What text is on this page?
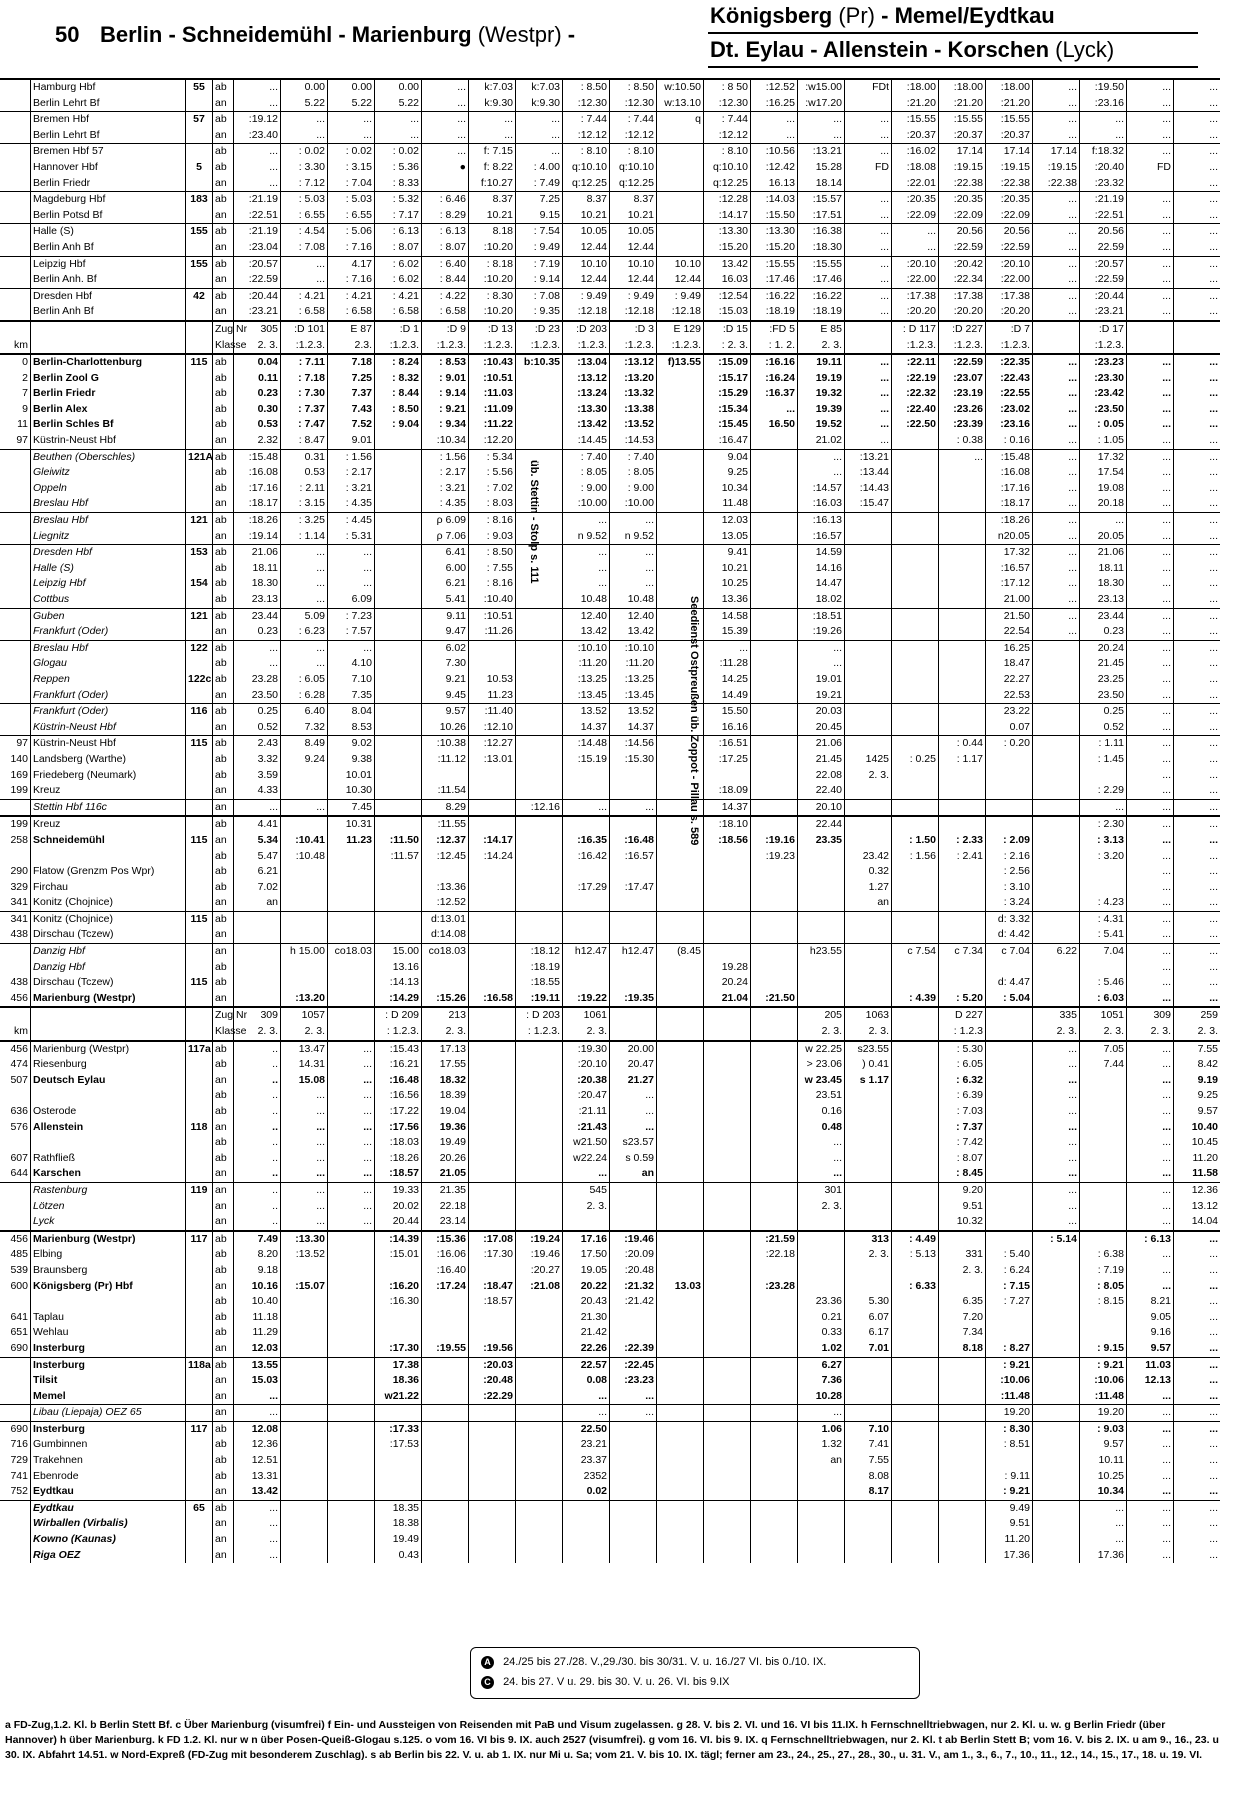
50 Berlin - Schneidemühl - Marienburg (Westpr) -
Königsberg (Pr) - Memel/Eydtkau
Dt. Eylau - Allenstein - Korschen (Lyck)
	Hamburg Hbf	55	ab	...	0.00	0.00	0.00	...	k:7.03	k:7.03	: 8.50	: 8.50	w:10.50	: 8 50	:12.52	:w15.00	FDt	:18.00	:18.00	:18.00	...	:19.50	...	...
	Berlin Lehrt Bf		an	...	5.22	5.22	5.22	...	k:9.30	k:9.30	:12.30	:12.30	w:13.10	:12.30	:16.25	:w17.20		:21.20	:21.20	:21.20	...	:23.16	...	...
	Bremen Hbf	57	ab	:19.12	...	...	...	...	...	...	: 7.44	: 7.44	q	: 7.44	...	...	...	:15.55	:15.55	:15.55	...	...	...	...
	Berlin Lehrt Bf		an	:23.40	...	...	...	...	...	...	:12.12	:12.12		:12.12	...	...	...	:20.37	:20.37	:20.37	...	...	...	...
	Bremen Hbf 57		ab	...	: 0.02	: 0.02	: 0.02	...	f: 7.15	...	: 8.10	: 8.10		: 8.10	:10.56	:13.21	...	:16.02	17.14	17.14	17.14	f:18.32	...	...
	Hannover Hbf	5	ab	...	: 3.30	: 3.15	: 5.36	●	f: 8.22	: 4.00	q:10.10	q:10.10		q:10.10	:12.42	15.28	FD	:18.08	:19.15	:19.15	:19.15	:20.40	FD	...
	Berlin Friedr		an	...	: 7.12	: 7.04	: 8.33		f:10.27	: 7.49	q:12.25	q:12.25		q:12.25	16.13	18.14		:22.01	:22.38	:22.38	:22.38	:23.32		...
	Magdeburg Hbf	183	ab	:21.19	: 5.03	: 5.03	: 5.32	: 6.46	8.37	7.25	8.37	8.37		:12.28	:14.03	:15.57	...	:20.35	:20.35	:20.35	...	:21.19	...	...
	Berlin Potsd Bf		an	:22.51	: 6.55	: 6.55	: 7.17	: 8.29	10.21	9.15	10.21	10.21		:14.17	:15.50	:17.51	...	:22.09	:22.09	:22.09	...	:22.51	...	...
	Halle (S)	155	ab	:21.19	: 4.54	: 5.06	: 6.13	: 6.13	8.18	: 7.54	10.05	10.05		:13.30	:13.30	:16.38	...	...	20.56	20.56	...	20.56	...	...
	Berlin Anh Bf		an	:23.04	: 7.08	: 7.16	: 8.07	: 8.07	:10.20	: 9.49	12.44	12.44		:15.20	:15.20	:18.30	...	...	:22.59	:22.59	...	22.59	...	...
	Leipzig Hbf	155	ab	:20.57	...	4.17	: 6.02	: 6.40	: 8.18	: 7.19	10.10	10.10	10.10	13.42	:15.55	:15.55	...	:20.10	:20.42	:20.10	...	:20.57	...	...
	Berlin Anh. Bf		an	:22.59	...	: 7.16	: 6.02	: 8.44	:10.20	: 9.14	12.44	12.44	12.44	16.03	:17.46	:17.46	...	:22.00	:22.34	:22.00	...	:22.59	...	...
	Dresden Hbf	42	ab	:20.44	: 4.21	: 4.21	: 4.21	: 4.22	: 8.30	: 7.08	: 9.49	: 9.49	: 9.49	:12.54	:16.22	:16.22	...	:17.38	:17.38	:17.38	...	:20.44	...	...
	Berlin Anh Bf		an	:23.21	: 6.58	: 6.58	: 6.58	: 6.58	:10.20	: 9.35	:12.18	:12.18	:12.18	:15.03	:18.19	:18.19	...	:20.20	:20.20	:20.20	...	:23.21	...	...
			Zug Nr	305	:D 101	E 87	:D 1	:D 9	:D 13	:D 23	:D 203	:D 3	E 129	:D 15	:FD 5	E 85		: D 117	:D 227	:D 7		:D 17		
km			Klasse	2. 3.	:1.2.3.	2.3.	:1.2.3.	:1.2.3.	:1.2.3.	:1.2.3.	:1.2.3.	:1.2.3.	:1.2.3.	: 2. 3.	: 1. 2.	2. 3.		:1.2.3.	:1.2.3.	:1.2.3.		:1.2.3.		
0	Berlin-Charlottenburg	115	ab	0.04	: 7.11	7.18	: 8.24	: 8.53	:10.43	b:10.35	:13.04	:13.12	f)13.55	:15.09	:16.16	19.11	...	:22.11	:22.59	:22.35	...	:23.23	...	...
2	Berlin Zool G		ab	0.11	: 7.18	7.25	: 8.32	: 9.01	:10.51		:13.12	:13.20		:15.17	:16.24	19.19	...	:22.19	:23.07	:22.43	...	:23.30	...	...
7	Berlin Friedr		ab	0.23	: 7.30	7.37	: 8.44	: 9.14	:11.03		:13.24	:13.32		:15.29	:16.37	19.32	...	:22.32	:23.19	:22.55	...	:23.42	...	...
9	Berlin Alex		ab	0.30	: 7.37	7.43	: 8.50	: 9.21	:11.09		:13.30	:13.38		:15.34	...	19.39	...	:22.40	:23.26	:23.02	...	:23.50	...	...
11	Berlin Schles Bf		ab	0.53	: 7.47	7.52	: 9.04	: 9.34	:11.22		:13.42	:13.52		:15.45	16.50	19.52	...	:22.50	:23.39	:23.16	...	: 0.05	...	...
97	Küstrin-Neust Hbf		an	2.32	: 8.47	9.01		:10.34	:12.20		:14.45	:14.53		:16.47		21.02	...		: 0.38	: 0.16	...	: 1.05	...	...
	Beuthen (Oberschles)	121A	ab	:15.48	0.31	: 1.56		: 1.56	: 5.34		: 7.40	: 7.40		9.04		...	:13.21		...	:15.48	...	17.32	...	...
	Gleiwitz		ab	:16.08	0.53	: 2.17		: 2.17	: 5.56		: 8.05	: 8.05		9.25		...	:13.44			:16.08	...	17.54	...	...
	Oppeln		ab	:17.16	: 2.11	: 3.21		: 3.21	: 7.02		: 9.00	: 9.00		10.34		:14.57	:14.43			:17.16	...	19.08	...	...
	Breslau Hbf		an	:18.17	: 3.15	: 4.35		: 4.35	: 8.03		:10.00	:10.00		11.48		:16.03	:15.47			:18.17	...	20.18	...	...
	Breslau Hbf	121	ab	:18.26	: 3.25	: 4.45		ρ 6.09	: 8.16		...	...		12.03		:16.13				:18.26	...	...	...	...
	Liegnitz		an	:19.14	: 1.14	: 5.31		ρ 7.06	: 9.03		n 9.52	n 9.52		13.05		:16.57				n20.05	...	20.05	...	...
	Dresden Hbf	153	ab	21.06	...	...		6.41	: 8.50		...	...		9.41		14.59				17.32	...	21.06	...	...
	Halle (S)		ab	18.11	...	...		6.00	: 7.55		...	...		10.21		14.16				:16.57	...	18.11	...	...
	Leipzig Hbf	154	ab	18.30	...	...		6.21	: 8.16		...	...		10.25		14.47				:17.12	...	18.30	...	...
	Cottbus		ab	23.13	...	6.09		5.41	:10.40		10.48	10.48		13.36		18.02				21.00	...	23.13	...	...
	Guben	121	ab	23.44	5.09	: 7.23		9.11	:10.51		12.40	12.40		14.58		:18.51				21.50	...	23.44	...	...
	Frankfurt (Oder)		an	0.23	: 6.23	: 7.57		9.47	:11.26		13.42	13.42		15.39		:19.26				22.54	...	0.23	...	...
	Breslau Hbf	122	ab	...	...	...		6.02			:10.10	:10.10		...		...				16.25		20.24	...	...
	Glogau		ab	...	...	4.10		7.30			:11.20	:11.20		:11.28		...				18.47		21.45	...	...
	Reppen	122c	ab	23.28	: 6.05	7.10		9.21	10.53		:13.25	:13.25		14.25		19.01				22.27		23.25	...	...
	Frankfurt (Oder)		an	23.50	: 6.28	7.35		9.45	11.23		:13.45	:13.45		14.49		19.21				22.53		23.50	...	...
	Frankfurt (Oder)	116	ab	0.25	6.40	8.04		9.57	:11.40		13.52	13.52		15.50		20.03				23.22		0.25	...	...
	Küstrin-Neust Hbf		an	0.52	7.32	8.53		10.26	:12.10		14.37	14.37		16.16		20.45				0.07		0.52	...	...
97	Küstrin-Neust Hbf	115	ab	2.43	8.49	9.02		:10.38	:12.27		:14.48	:14.56		:16.51		21.06			: 0.44	: 0.20		: 1.11	...	...
140	Landsberg (Warthe)		ab	3.32	9.24	9.38		:11.12	:13.01		:15.19	:15.30		:17.25		21.45	1425	: 0.25	: 1.17			: 1.45	...	...
169	Friedeberg (Neumark)		ab	3.59		10.01										22.08	2. 3.						...	...
199	Kreuz		an	4.33		10.30		:11.54						:18.09		22.40						: 2.29	...	...
	Stettin Hbf 116c		an	...	...	7.45		8.29		:12.16	...	...		14.37		20.10						...	...	...
199	Kreuz		ab	4.41		10.31		:11.55						:18.10		22.44						: 2.30	...	...
258	Schneidemühl	115	an	5.34	:10.41	11.23	:11.50	:12.37	:14.17		:16.35	:16.48		:18.56	:19.16	23.35		: 1.50	: 2.33	: 2.09		: 3.13	...	...
			ab	5.47	:10.48		:11.57	:12.45	:14.24		:16.42	:16.57			:19.23		23.42	: 1.56	: 2.41	: 2.16		: 3.20	...	...
290	Flatow (Grenzm Pos Wpr)		ab	6.21													0.32			: 2.56			...	...
329	Firchau		ab	7.02				:13.36			:17.29	:17.47					1.27			: 3.10			...	...
341	Konitz (Chojnice)		an	an				:12.52									an			: 3.24		: 4.23	...	...
341	Konitz (Chojnice)	115	ab					d:13.01												d: 3.32		: 4.31	...	...
438	Dirschau (Tczew)		an					d:14.08												d: 4.42		: 5.41	...	...
	Danzig Hbf		an		h 15.00	co18.03	15.00	co18.03		:18.12	h12.47	h12.47	(8.45			h23.55		c 7.54	c 7.34	c 7.04	6.22	7.04	...	...
	Danzig Hbf		ab				13.16			:18.19				19.28									...	...
438	Dirschau (Tczew)	115	ab				:14.13			:18.55				20.24						d: 4.47		: 5.46	...	...
456	Marienburg (Westpr)		an		:13.20		:14.29	:15.26	:16.58	:19.11	:19.22	:19.35		21.04	:21.50			: 4.39	: 5.20	: 5.04		: 6.03	...	...
			Zug Nr	309	1057		: D 209	213		: D 203	1061					205	1063		D 227		335	1051	309	259
km			Klasse	2. 3.	2. 3.		: 1.2.3.	2. 3.		: 1.2.3.	2. 3.					2. 3.	2. 3.		: 1.2.3		2. 3.	2. 3.	2. 3.	2. 3.
456	Marienburg (Westpr)	117a	ab	..	13.47	...	:15.43	17.13			:19.30	20.00				w 22.25	s23.55		: 5.30		...	7.05	...	7.55
474	Riesenburg		ab	..	14.31	...	:16.21	17.55			:20.10	20.47				> 23.06	) 0.41		: 6.05		...	7.44	...	8.42
507	Deutsch Eylau		an	..	15.08	...	:16.48	18.32			:20.38	21.27				w 23.45	s 1.17		: 6.32		...		...	9.19
			ab	..	...	...	:16.56	18.39			:20.47	...				23.51			: 6.39		...		...	9.25
636	Osterode		ab	..	...	...	:17.22	19.04			:21.11	...				0.16			: 7.03		...		...	9.57
576	Allenstein	118	an	..	...	...	:17.56	19.36			:21.43	...				0.48			: 7.37		...		...	10.40
			ab	..	...	...	:18.03	19.49			w21.50	s23.57				...			: 7.42		...		...	10.45
607	Rathfließ		ab	..	...	...	:18.26	20.26			w22.24	s 0.59				...			: 8.07		...		...	11.20
644	Karschen		an	..	...	...	:18.57	21.05			...	an				...			: 8.45		...		...	11.58
	Rastenburg	119	an	..	...	...	19.33	21.35			545					301			9.20		...		...	12.36
	Lötzen		an	..	...	...	20.02	22.18			2. 3.					2. 3.			9.51		...		...	13.12
	Lyck		an	..	...	...	20.44	23.14											10.32		...		...	14.04
456	Marienburg (Westpr)	117	ab	7.49	:13.30		:14.39	:15.36	:17.08	:19.24	17.16	:19.46			:21.59		313	: 4.49			: 5.14		: 6.13	...
485	Elbing		ab	8.20	:13.52		:15.01	:16.06	:17.30	:19.46	17.50	:20.09			:22.18		2. 3.	: 5.13	331	: 5.40		: 6.38	...	...
539	Braunsberg		ab	9.18				:16.40		:20.27	19.05	:20.48							2. 3.	: 6.24		: 7.19	...	...
600	Königsberg (Pr) Hbf		an	10.16	:15.07		:16.20	:17.24	:18.47	:21.08	20.22	:21.32	13.03		:23.28			: 6.33		: 7.15		: 8.05	...	...
			ab	10.40			:16.30		:18.57		20.43	:21.42				23.36	5.30		6.35	: 7.27		: 8.15	8.21	...
641	Taplau		ab	11.18							21.30					0.21	6.07		7.20				9.05	...
651	Wehlau		ab	11.29							21.42					0.33	6.17		7.34				9.16	...
690	Insterburg		an	12.03			:17.30	:19.55	:19.56		22.26	:22.39				1.02	7.01		8.18	: 8.27		: 9.15	9.57	...
	Insterburg	118a	ab	13.55			17.38		:20.03		22.57	:22.45				6.27				: 9.21		: 9.21	11.03	...
	Tilsit		an	15.03			18.36		:20.48		0.08	:23.23				7.36				:10.06		:10.06	12.13	...
	Memel		an	...			w21.22		:22.29		...	...				10.28				:11.48		:11.48	...	...
	Libau (Liepaja) OEZ 65		an	...							...	...				...				19.20		19.20	...	...
690	Insterburg	117	ab	12.08			:17.33				22.50					1.06	7.10			: 8.30		: 9.03	...	...
716	Gumbinnen		ab	12.36			:17.53				23.21					1.32	7.41			: 8.51		9.57	...	...
729	Trakehnen		ab	12.51							23.37					an	7.55					10.11	...	...
741	Ebenrode		ab	13.31							2352						8.08			: 9.11		10.25	...	...
752	Eydtkau		an	13.42							0.02						8.17			: 9.21		10.34	...	...
	Eydtkau	65	ab	...			18.35													9.49		...	...	...
	Wirballen (Virbalis)		an	...			18.38													9.51		...	...	...
	Kowno (Kaunas)		an	...			19.49													11.20		...	...	...
	Riga OEZ		an	...			0.43													17.36		17.36	...	...
A 24./25 bis 27./28. V.,29./30. bis 30/31. V. u. 16./27 VI. bis 0./10. IX.
C 24. bis 27. V u. 29. bis 30. V. u. 26. VI. bis 9.IX
a FD-Zug,1.2. Kl. b Berlin Stett Bf. c Über Marienburg (visumfrei) f Ein- und Aussteigen von Reisenden mit PaB und Visum zugelassen. g 28. V. bis 2. VI. und 16. VI bis 11.IX. h Fernschnelltriebwagen, nur 2. Kl. u. w. g Berlin Friedr (über Hannover) h über Marienburg. k FD 1.2. Kl. nur w n über Posen-Queiß-Glogau s.125. o vom 16. VI bis 9. IX. auch 2527 (visumfrei). g vom 16. VI. bis 9. IX. q Fernschnelltriebwagen, nur 2. Kl. t ab Berlin Stett B; vom 16. V. bis 2. IX. u am 9., 16., 23. u 30. IX. Abfahrt 14.51. w Nord-Expreß (FD-Zug mit besonderem Zuschlag). s ab Berlin bis 22. V. u. ab 1. IX. nur Mi u. Sa; vom 21. V. bis 10. IX. tägl; ferner am 23., 24., 25., 27., 28., 30., u. 31. V., am 1., 3., 6., 7., 10., 11., 12., 14., 15., 17., 18. u. 19. VI.
üb. Stettin - Stolp s. 111
Seedienst Ostpreußen üb. Zoppot - Pillau s. 589
